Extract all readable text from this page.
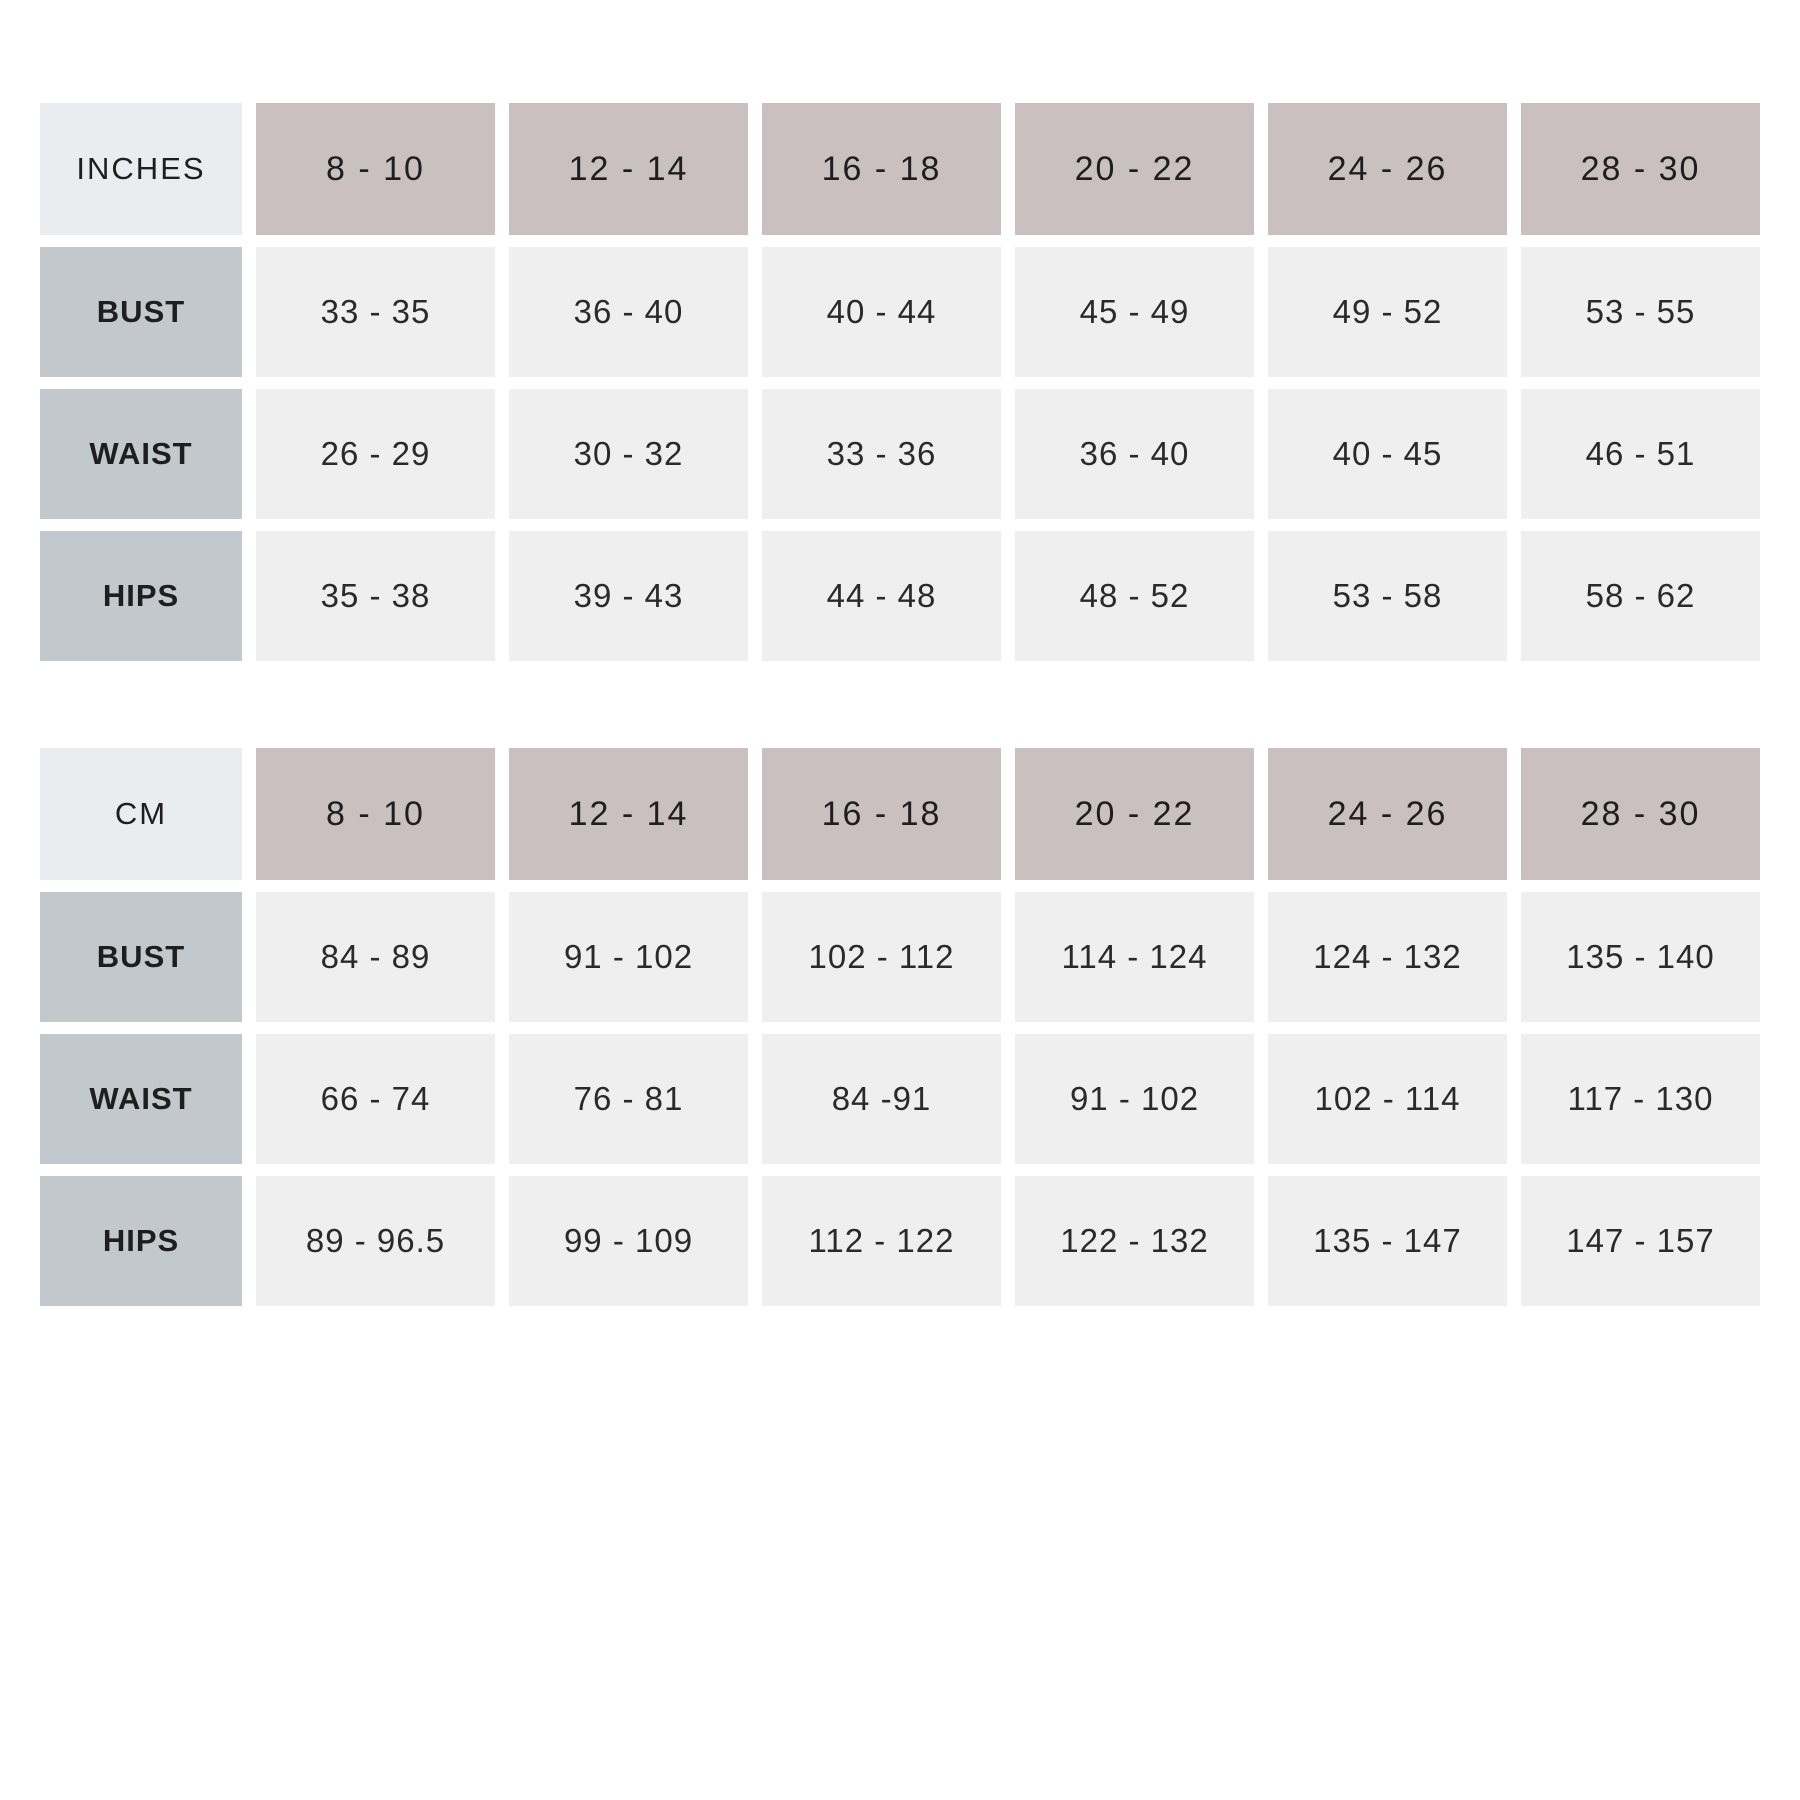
INCHES	8 - 10	12 - 14	16 - 18	20 - 22	24 - 26	28 - 30
BUST	33 - 35	36 - 40	40 - 44	45 - 49	49 - 52	53 - 55
WAIST	26 - 29	30 - 32	33 - 36	36 - 40	40 - 45	46 - 51
HIPS	35 - 38	39 - 43	44 - 48	48 - 52	53 - 58	58 - 62
CM	8 - 10	12 - 14	16 - 18	20 - 22	24 - 26	28 - 30
BUST	84 - 89	91 - 102	102 - 112	114 - 124	124 - 132	135 - 140
WAIST	66 - 74	76 - 81	84 -91	91 - 102	102 - 114	117 - 130
HIPS	89 - 96.5	99 - 109	112 - 122	122 - 132	135 - 147	147 - 157
